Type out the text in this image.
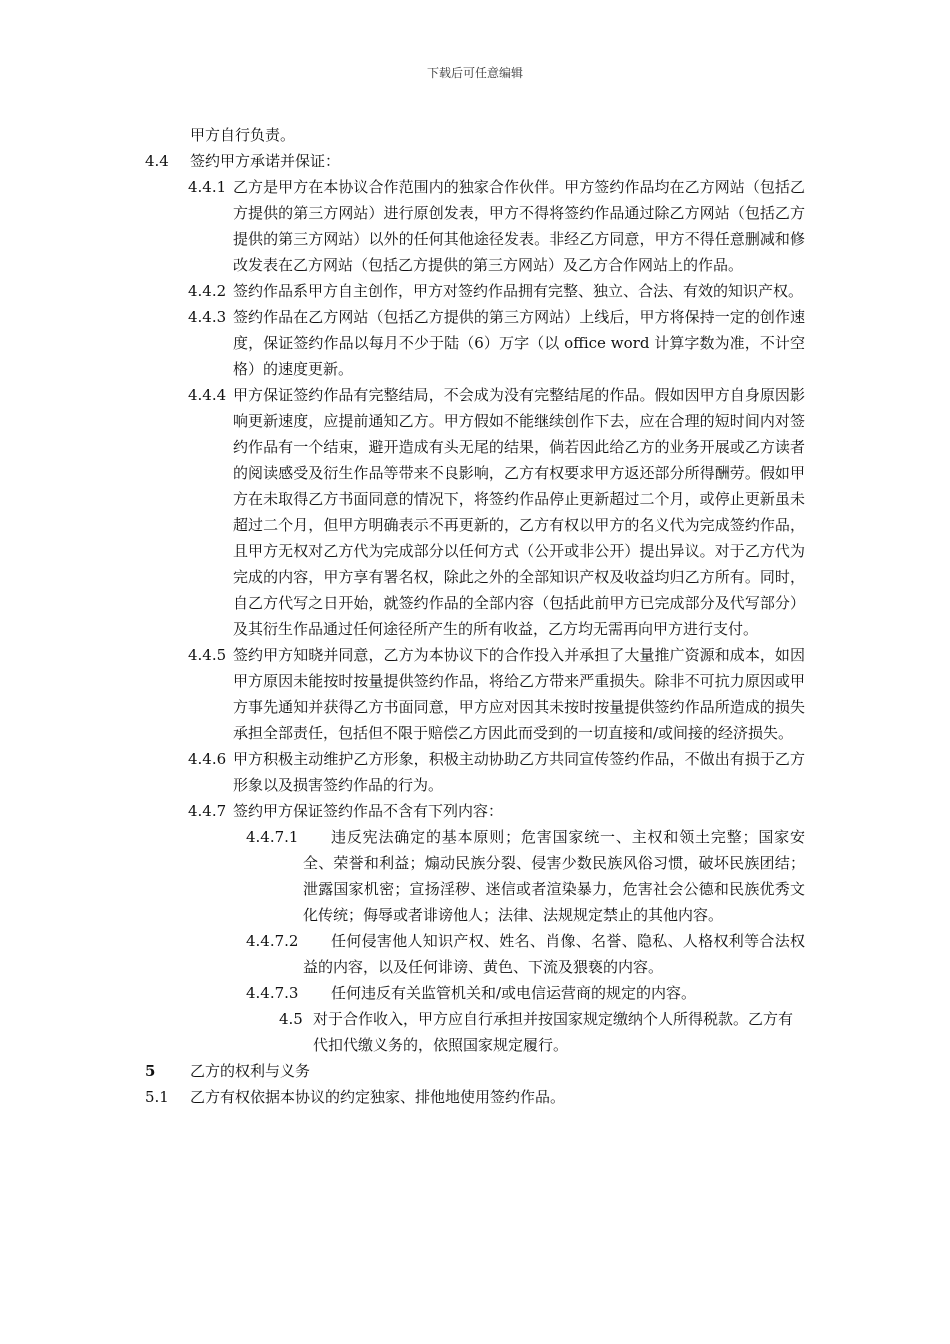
下载后可任意编辑
甲方自行负责。
4.4 签约甲方承诺并保证：
4.4.1 乙方是甲方在本协议合作范围内的独家合作伙伴。甲方签约作品均在乙方网站（包括乙方提供的第三方网站）进行原创发表，甲方不得将签约作品通过除乙方网站（包括乙方提供的第三方网站）以外的任何其他途径发表。非经乙方同意，甲方不得任意删减和修改发表在乙方网站（包括乙方提供的第三方网站）及乙方合作网站上的作品。
4.4.2 签约作品系甲方自主创作，甲方对签约作品拥有完整、独立、合法、有效的知识产权。
4.4.3 签约作品在乙方网站（包括乙方提供的第三方网站）上线后，甲方将保持一定的创作速度，保证签约作品以每月不少于陆（6）万字（以 office word 计算字数为准，不计空格）的速度更新。
4.4.4 甲方保证签约作品有完整结局，不会成为没有完整结尾的作品。假如因甲方自身原因影响更新速度，应提前通知乙方。甲方假如不能继续创作下去，应在合理的短时间内对签约作品有一个结束，避开造成有头无尾的结果，倘若因此给乙方的业务开展或乙方读者的阅读感受及衍生作品等带来不良影响，乙方有权要求甲方返还部分所得酬劳。假如甲方在未取得乙方书面同意的情况下，将签约作品停止更新超过二个月，或停止更新虽未超过二个月，但甲方明确表示不再更新的，乙方有权以甲方的名义代为完成签约作品，且甲方无权对乙方代为完成部分以任何方式（公开或非公开）提出异议。对于乙方代为完成的内容，甲方享有署名权，除此之外的全部知识产权及收益均归乙方所有。同时，自乙方代写之日开始，就签约作品的全部内容（包括此前甲方已完成部分及代写部分）及其衍生作品通过任何途径所产生的所有收益，乙方均无需再向甲方进行支付。
4.4.5 签约甲方知晓并同意，乙方为本协议下的合作投入并承担了大量推广资源和成本，如因甲方原因未能按时按量提供签约作品，将给乙方带来严重损失。除非不可抗力原因或甲方事先通知并获得乙方书面同意，甲方应对因其未按时按量提供签约作品所造成的损失承担全部责任，包括但不限于赔偿乙方因此而受到的一切直接和/或间接的经济损失。
4.4.6 甲方积极主动维护乙方形象，积极主动协助乙方共同宣传签约作品，不做出有损于乙方形象以及损害签约作品的行为。
4.4.7 签约甲方保证签约作品不含有下列内容：
4.4.7.1	违反宪法确定的基本原则；危害国家统一、主权和领土完整；国家安全、荣誉和利益；煽动民族分裂、侵害少数民族风俗习惯，破坏民族团结；泄露国家机密；宣扬淫秽、迷信或者渲染暴力，危害社会公德和民族优秀文化传统；侮辱或者诽谤他人；法律、法规规定禁止的其他内容。
4.4.7.2	任何侵害他人知识产权、姓名、肖像、名誉、隐私、人格权利等合法权益的内容，以及任何诽谤、黄色、下流及猥亵的内容。
4.4.7.3	任何违反有关监管机关和/或电信运营商的规定的内容。
4.5 对于合作收入，甲方应自行承担并按国家规定缴纳个人所得税款。乙方有代扣代缴义务的，依照国家规定履行。
5 乙方的权利与义务
5.1 乙方有权依据本协议的约定独家、排他地使用签约作品。
